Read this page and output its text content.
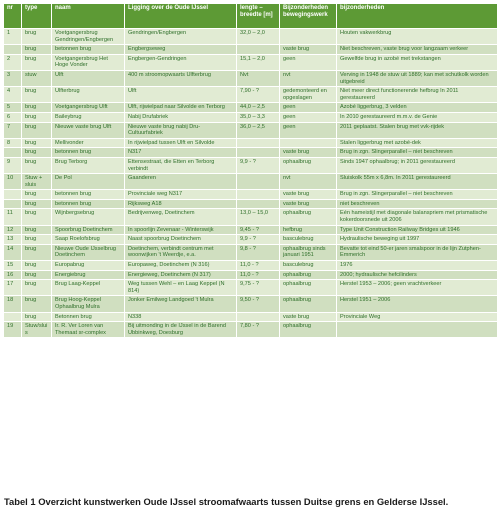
nr	type	naam	Ligging over de Oude IJssel	lengte – breedte [m]	Bijzonderheden bewegingswerk	bijzonderheden
1	brug	Voetgangersbrug Gendringen/Engbergen	Gendringen/Engbergen	32,0 – 2,0		Houten vakwerkbrug
	brug	betonnen brug	Engbergseweg		vaste brug	Niet beschreven, vaste brug voor langzaam verkeer
2	brug	Voetgangersbrug Het Hoge Vonder	Engbergen-Gendringen	15,1 – 2,0	geen	Gewelfde brug in azobé met trekstangen
3	stuw	Ulft	400 m stroomopwaarts Ulfterbrug	Nvt	nvt	Verving in 1948 de stuw uit 1889; kan met schutkolk worden uitgebreid
4	brug	Ulfterbrug	Ulft	7,90 - ?	gedemonteerd en opgeslagen	Niet meer direct functionerende hefbrug In 2011 gerestaureerd
5	brug	Voetgangersbrug Ulft	Ulft, rijwielpad naar Silvolde en Terborg	44,0 – 2,5	geen	Azobé liggerbrug, 3 velden
6	brug	Baileybrug	Nabij Drufabriek	35,0 – 3,3	geen	In 2010 gerestaureerd m.m.v. de Genie
7	brug	Nieuwe vaste brug Ulft	Nieuwe vaste brug nabij Dru-Cultuurfabriek	36,0 – 2,5	geen	2011 geplaatst. Stalen brug met vvk-rijdek
8	brug	Mellivonder	In rijwielpad tussen Ulft en Silvolde			Stalen liggerbrug met azobé-dek
	brug	betonnen brug	N317		vaste brug	Brug in zgn. Slingerparallel – niet beschreven
9	brug	Brug Terborg	Ettensestraat, die Etten en Terborg verbindt	9,9 - ?	ophaalbrug	Sinds 1947 ophaalbrug; in 2011 gerestaureerd
10	Stuw + sluis	De Pol	Gaanderen		nvt	Sluiskolk 55m x 6,8m. In 2011 gerestaureerd
	brug	betonnen brug	Provinciale weg N317		vaste brug	Brug in zgn. Slingerparallel – niet beschreven
	brug	betonnen brug	Rijksweg A18		vaste brug	niet beschreven
11	brug	Wijnbergsebrug	Bedrijvenweg, Doetinchem	13,0 – 15,0	ophaalbrug	Eén hameistijl met diagonale balanspriem met prismatische kokerdoorsnede uit 2006
12	brug	Spoorbrug Doetinchem	In spoorlijn Zevenaar - Winterswijk	9,45 - ?	hefbrug	Type Unit Construction Railway Bridges uit 1946
13	brug	Saap Roelofsbrug	Naast spoorbrug Doetinchem	9,9 - ?	basculebrug	Hydraulische beweging uit 1997
14	brug	Nieuwe Oude IJsselbrug Doetinchem	Doetinchem, verbindt centrum met woonwijken 't Weerdje, e.a.	9,8 - ?	ophaalbrug sinds januari 1951	Bevatte tot eind 50-er jaren smalspoor in de lijn Zutphen-Emmerich
15	brug	Europabrug	Europaweg, Doetinchem (N 316)	11,0 - ?	basculebrug	1976
16	brug	Energiebrug	Energieweg, Doetinchem (N 317)	11,0 - ?	ophaalbrug	2000; hydraulische hefcilinders
17	brug	Brug Laag-Keppel	Weg tussen Wehl – en Laag Keppel (N 814)	9,75 - ?	ophaalbrug	Herstel 1953 – 2006; geen vrachtverkeer
18	brug	Brug Hoog-Keppel Ophaalbrug Mulra	Jonker Emilweg Landgoed 't Mulra	9,50 - ?	ophaalbrug	Herstel 1951 – 2006
	brug	Betonnen brug	N338		vaste brug	Provinciale Weg
19	Stuw/sluis	Ir. R. Ver Loren van Themaat sr-complex	Bij uitmonding in de IJssel in de Barend Ubbinkweg, Doesburg	7,80 - ?	ophaalbrug	
Tabel 1 Overzicht kunstwerken Oude IJssel stroomafwaarts tussen Duitse grens en Gelderse IJssel.
